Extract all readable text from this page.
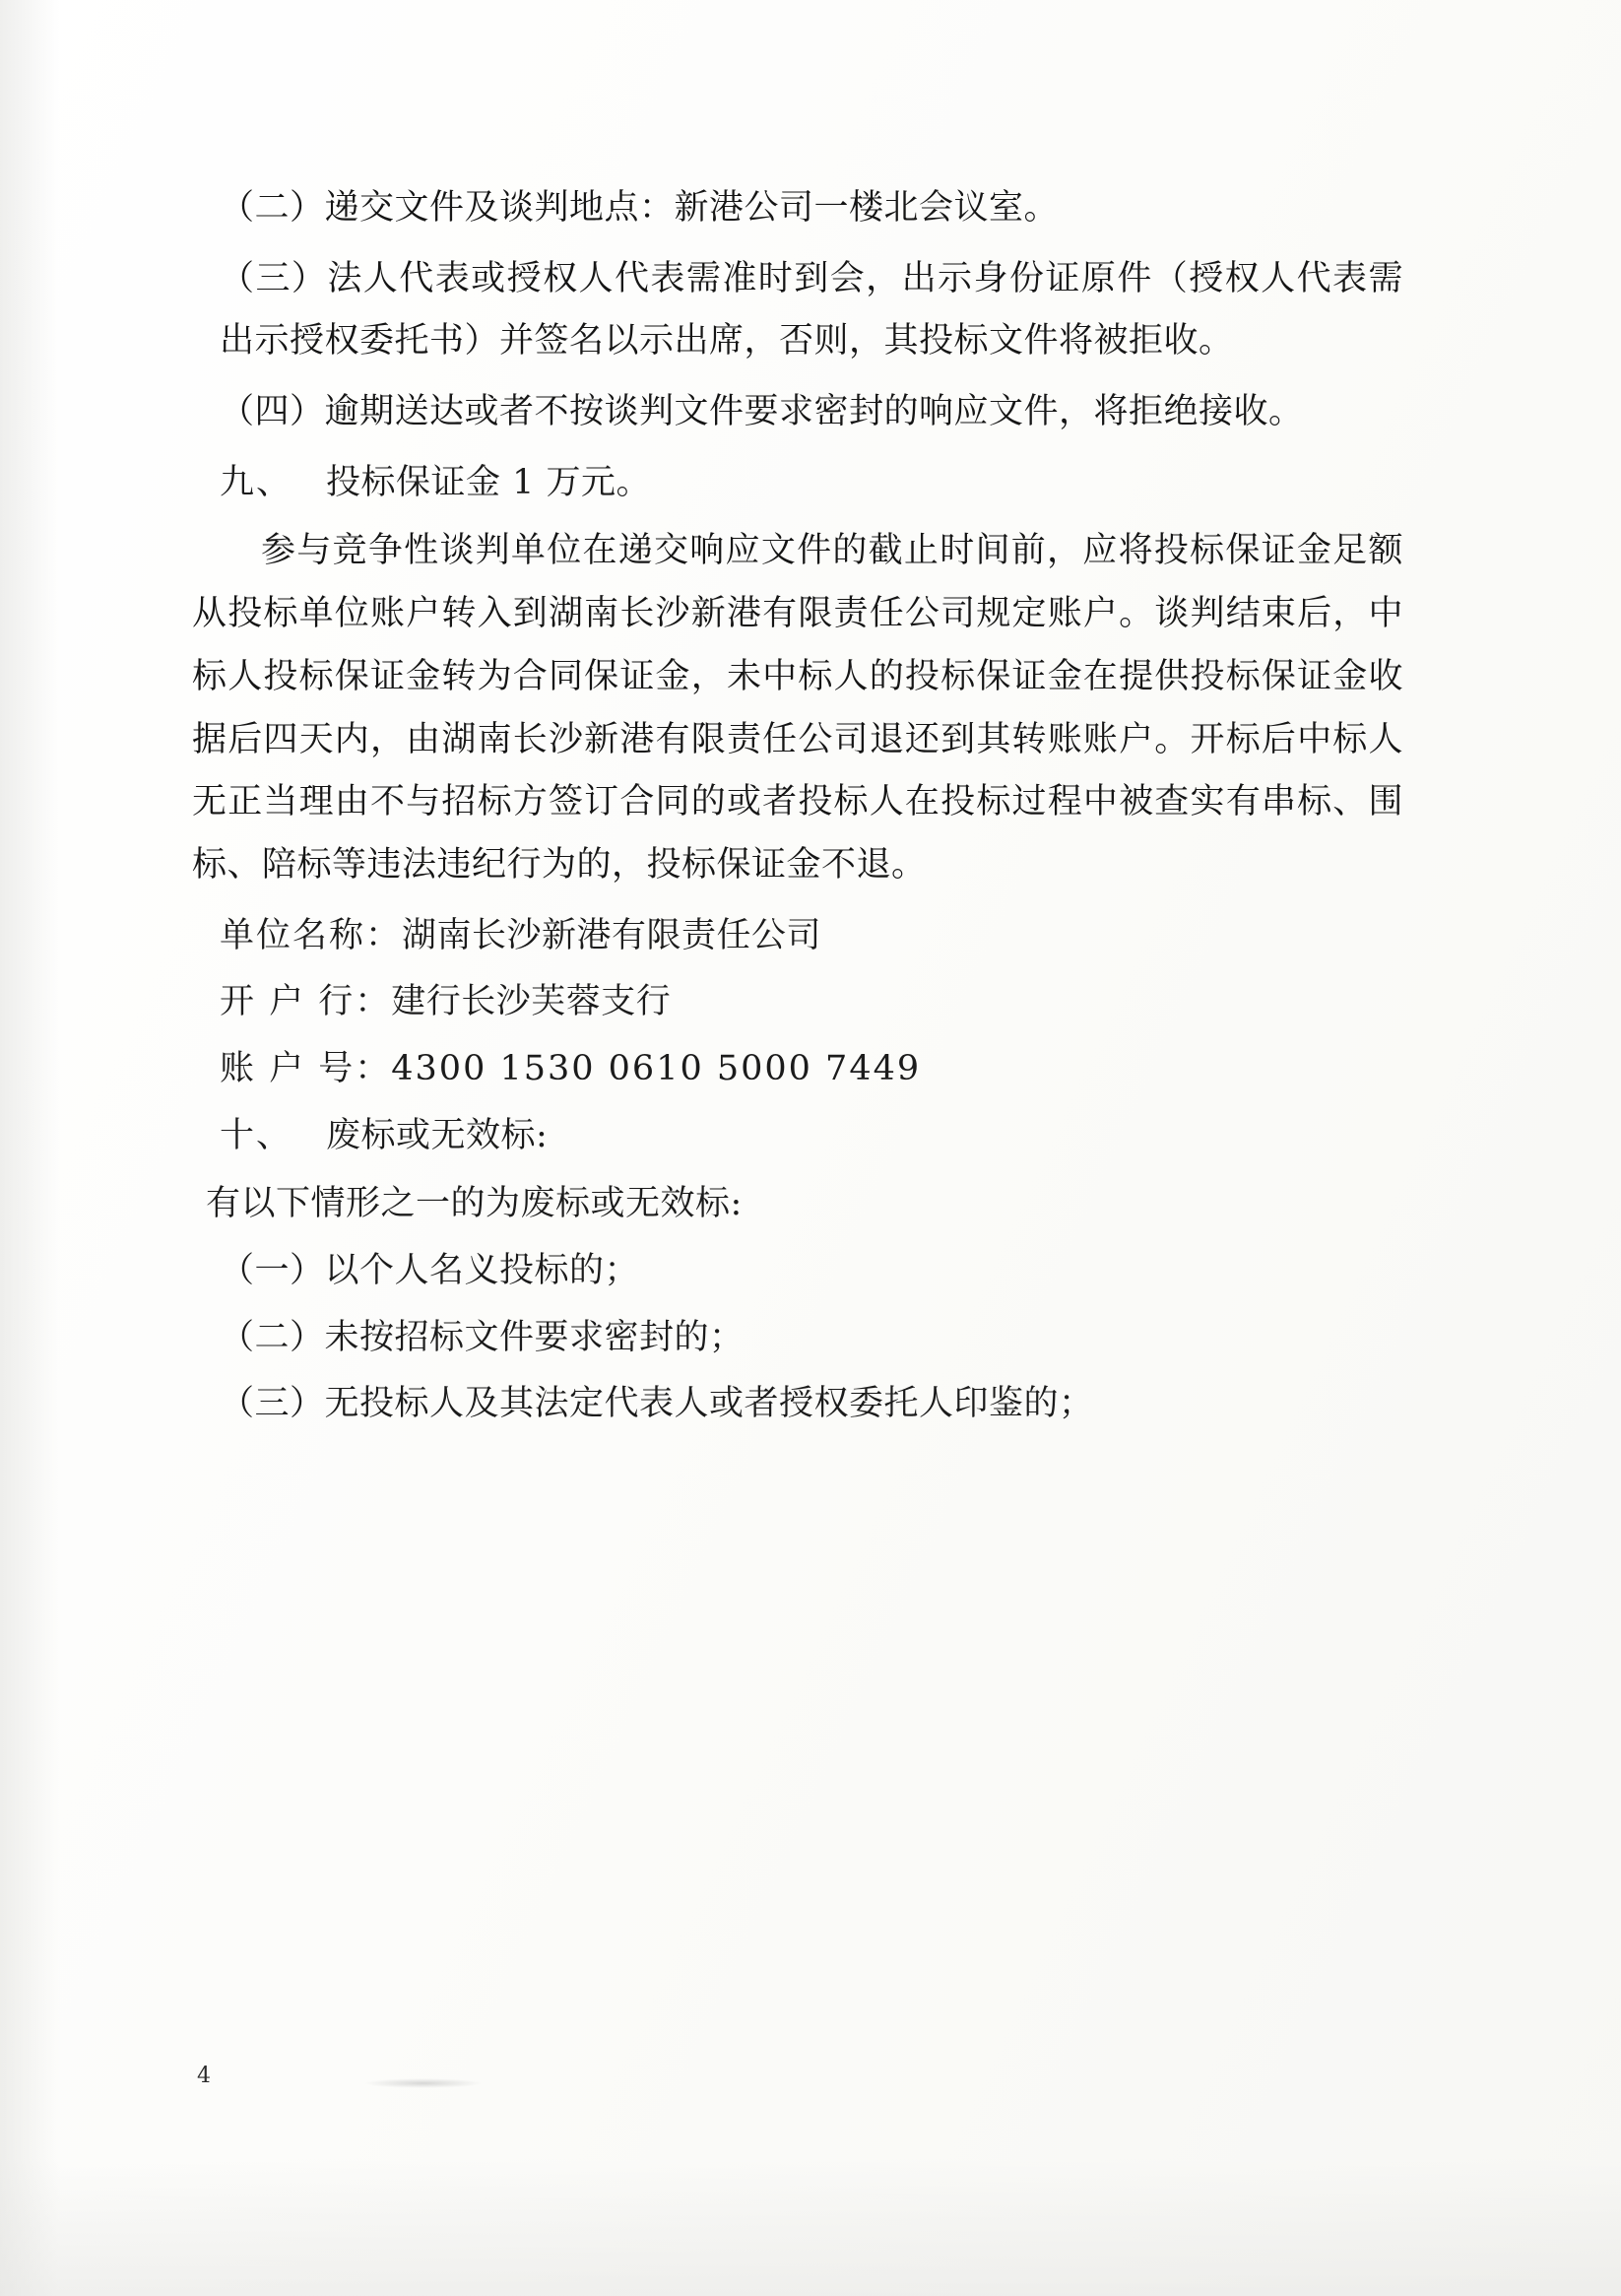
（二）递交文件及谈判地点：新港公司一楼北会议室。

（三）法人代表或授权人代表需准时到会，出示身份证原件（授权人代表需出示授权委托书）并签名以示出席，否则，其投标文件将被拒收。

（四）逾期送达或者不按谈判文件要求密封的响应文件，将拒绝接收。

九、 投标保证金 1 万元。

参与竞争性谈判单位在递交响应文件的截止时间前，应将投标保证金足额从投标单位账户转入到湖南长沙新港有限责任公司规定账户。谈判结束后，中标人投标保证金转为合同保证金，未中标人的投标保证金在提供投标保证金收据后四天内，由湖南长沙新港有限责任公司退还到其转账账户。开标后中标人无正当理由不与招标方签订合同的或者投标人在投标过程中被查实有串标、围标、陪标等违法违纪行为的，投标保证金不退。

单位名称：湖南长沙新港有限责任公司

开 户 行：建行长沙芙蓉支行

账 户 号：4300 1530 0610 5000 7449

十、 废标或无效标:

有以下情形之一的为废标或无效标:

（一）以个人名义投标的；

（二）未按招标文件要求密封的；

（三）无投标人及其法定代表人或者授权委托人印鉴的；

4
